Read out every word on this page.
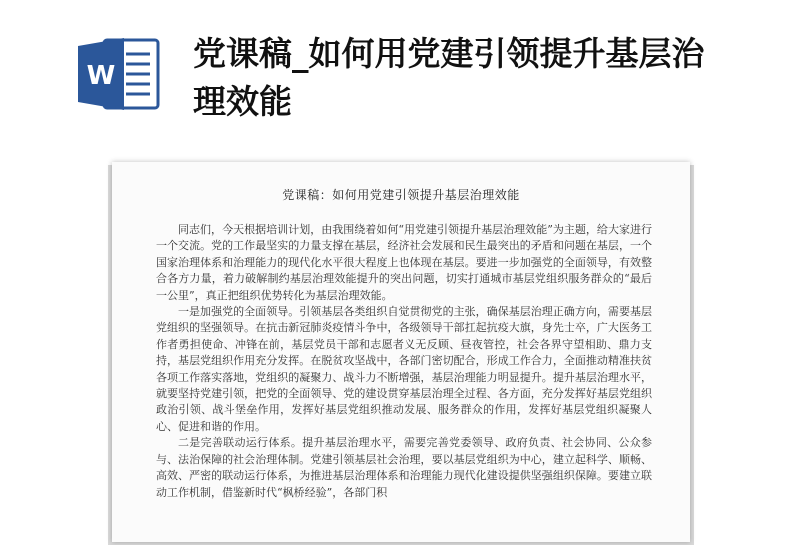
W
党课稿_如何用党建引领提升基层治理效能
党课稿：如何用党建引领提升基层治理效能

同志们，今天根据培训计划，由我围绕着如何“用党建引领提升基层治理效能”为主题，给大家进行一个交流。党的工作最坚实的力量支撑在基层，经济社会发展和民生最突出的矛盾和问题在基层，一个国家治理体系和治理能力的现代化水平很大程度上也体现在基层。要进一步加强党的全面领导，有效整合各方力量，着力破解制约基层治理效能提升的突出问题，切实打通城市基层党组织服务群众的“最后一公里”，真正把组织优势转化为基层治理效能。

一是加强党的全面领导。引领基层各类组织自觉贯彻党的主张，确保基层治理正确方向，需要基层党组织的坚强领导。在抗击新冠肺炎疫情斗争中，各级领导干部扛起抗疫大旗，身先士卒，广大医务工作者勇担使命、冲锋在前，基层党员干部和志愿者义无反顾、昼夜管控，社会各界守望相助、鼎力支持，基层党组织作用充分发挥。在脱贫攻坚战中，各部门密切配合，形成工作合力，全面推动精准扶贫各项工作落实落地，党组织的凝聚力、战斗力不断增强，基层治理能力明显提升。提升基层治理水平，就要坚持党建引领，把党的全面领导、党的建设贯穿基层治理全过程、各方面，充分发挥好基层党组织政治引领、战斗堡垒作用，发挥好基层党组织推动发展、服务群众的作用，发挥好基层党组织凝聚人心、促进和谐的作用。

二是完善联动运行体系。提升基层治理水平，需要完善党委领导、政府负责、社会协同、公众参与、法治保障的社会治理体制。党建引领基层社会治理，要以基层党组织为中心，建立起科学、顺畅、高效、严密的联动运行体系，为推进基层治理体系和治理能力现代化建设提供坚强组织保障。要建立联动工作机制，借鉴新时代“枫桥经验”，各部门积
